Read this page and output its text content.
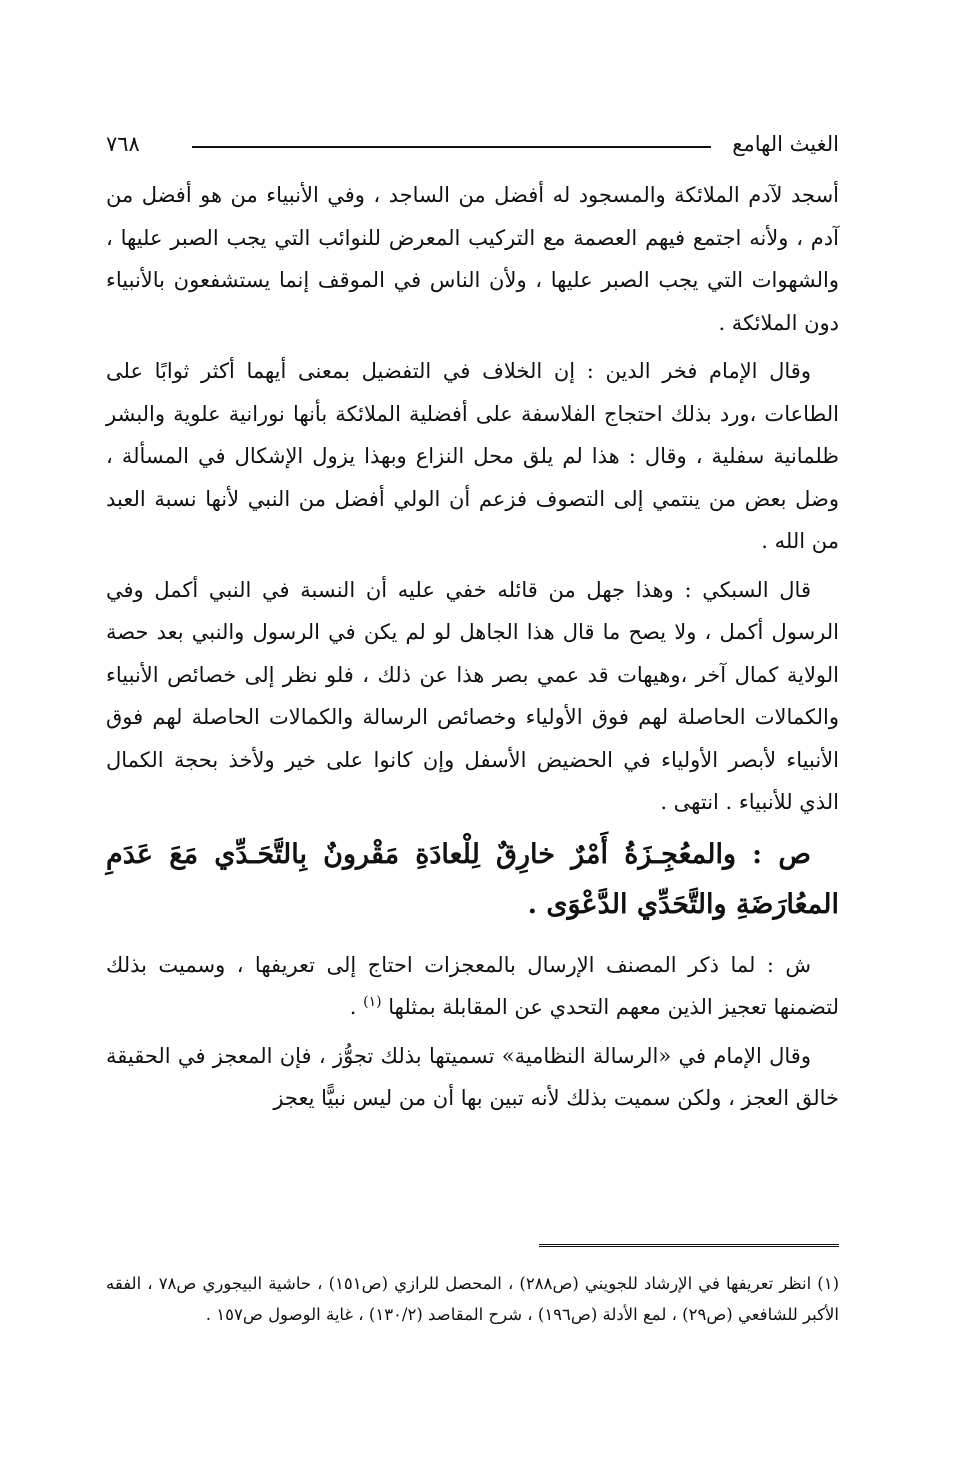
الغيث الهامع
٧٦٨

أسجد لآدم الملائكة والمسجود له أفضل من الساجد ، وفي الأنبياء من هو أفضل من آدم ، ولأنه اجتمع فيهم العصمة مع التركيب المعرض للنوائب التي يجب الصبر عليها ، والشهوات التي يجب الصبر عليها ، ولأن الناس في الموقف إنما يستشفعون بالأنبياء دون الملائكة .

وقال الإمام فخر الدين : إن الخلاف في التفضيل بمعنى أيهما أكثر ثوابًا على الطاعات ،ورد بذلك احتجاج الفلاسفة على أفضلية الملائكة بأنها نورانية علوية والبشر ظلمانية سفلية ، وقال : هذا لم يلق محل النزاع وبهذا يزول الإشكال في المسألة ، وضل بعض من ينتمي إلى التصوف فزعم أن الولي أفضل من النبي لأنها نسبة العبد من الله .

قال السبكي : وهذا جهل من قائله خفي عليه أن النسبة في النبي أكمل وفي الرسول أكمل ، ولا يصح ما قال هذا الجاهل لو لم يكن في الرسول والنبي بعد حصة الولاية كمال آخر ،وهيهات قد عمي بصر هذا عن ذلك ، فلو نظر إلى خصائص الأنبياء والكمالات الحاصلة لهم فوق الأولياء وخصائص الرسالة والكمالات الحاصلة لهم فوق الأنبياء لأبصر الأولياء في الحضيض الأسفل وإن كانوا على خير ولأخذ بحجة الكمال الذي للأنبياء . انتهى .

ص : والمعُجِـزَةُ أَمْرٌ خارِقٌ لِلْعادَةِ مَقْرونٌ بِالتَّحَـدِّي مَعَ عَدَمِ المعُارَضَةِ والتَّحَدِّي الدَّعْوَى .

ش : لما ذكر المصنف الإرسال بالمعجزات احتاج إلى تعريفها ، وسميت بذلك لتضمنها تعجيز الذين معهم التحدي عن المقابلة بمثلها $^{(١)}$ .

وقال الإمام في «الرسالة النظامية» تسميتها بذلك تجوُّز ، فإن المعجز في الحقيقة خالق العجز ، ولكن سميت بذلك لأنه تبين بها أن من ليس نبيًّا يعجز

(١) انظر تعريفها في الإرشاد للجويني (ص٢٨٨) ، المحصل للرازي (ص١٥١) ، حاشية البيجوري ص٧٨ ، الفقه الأكبر للشافعي (ص٢٩) ، لمع الأدلة (ص١٩٦) ، شرح المقاصد (١٣٠/٢) ، غاية الوصول ص١٥٧ .
